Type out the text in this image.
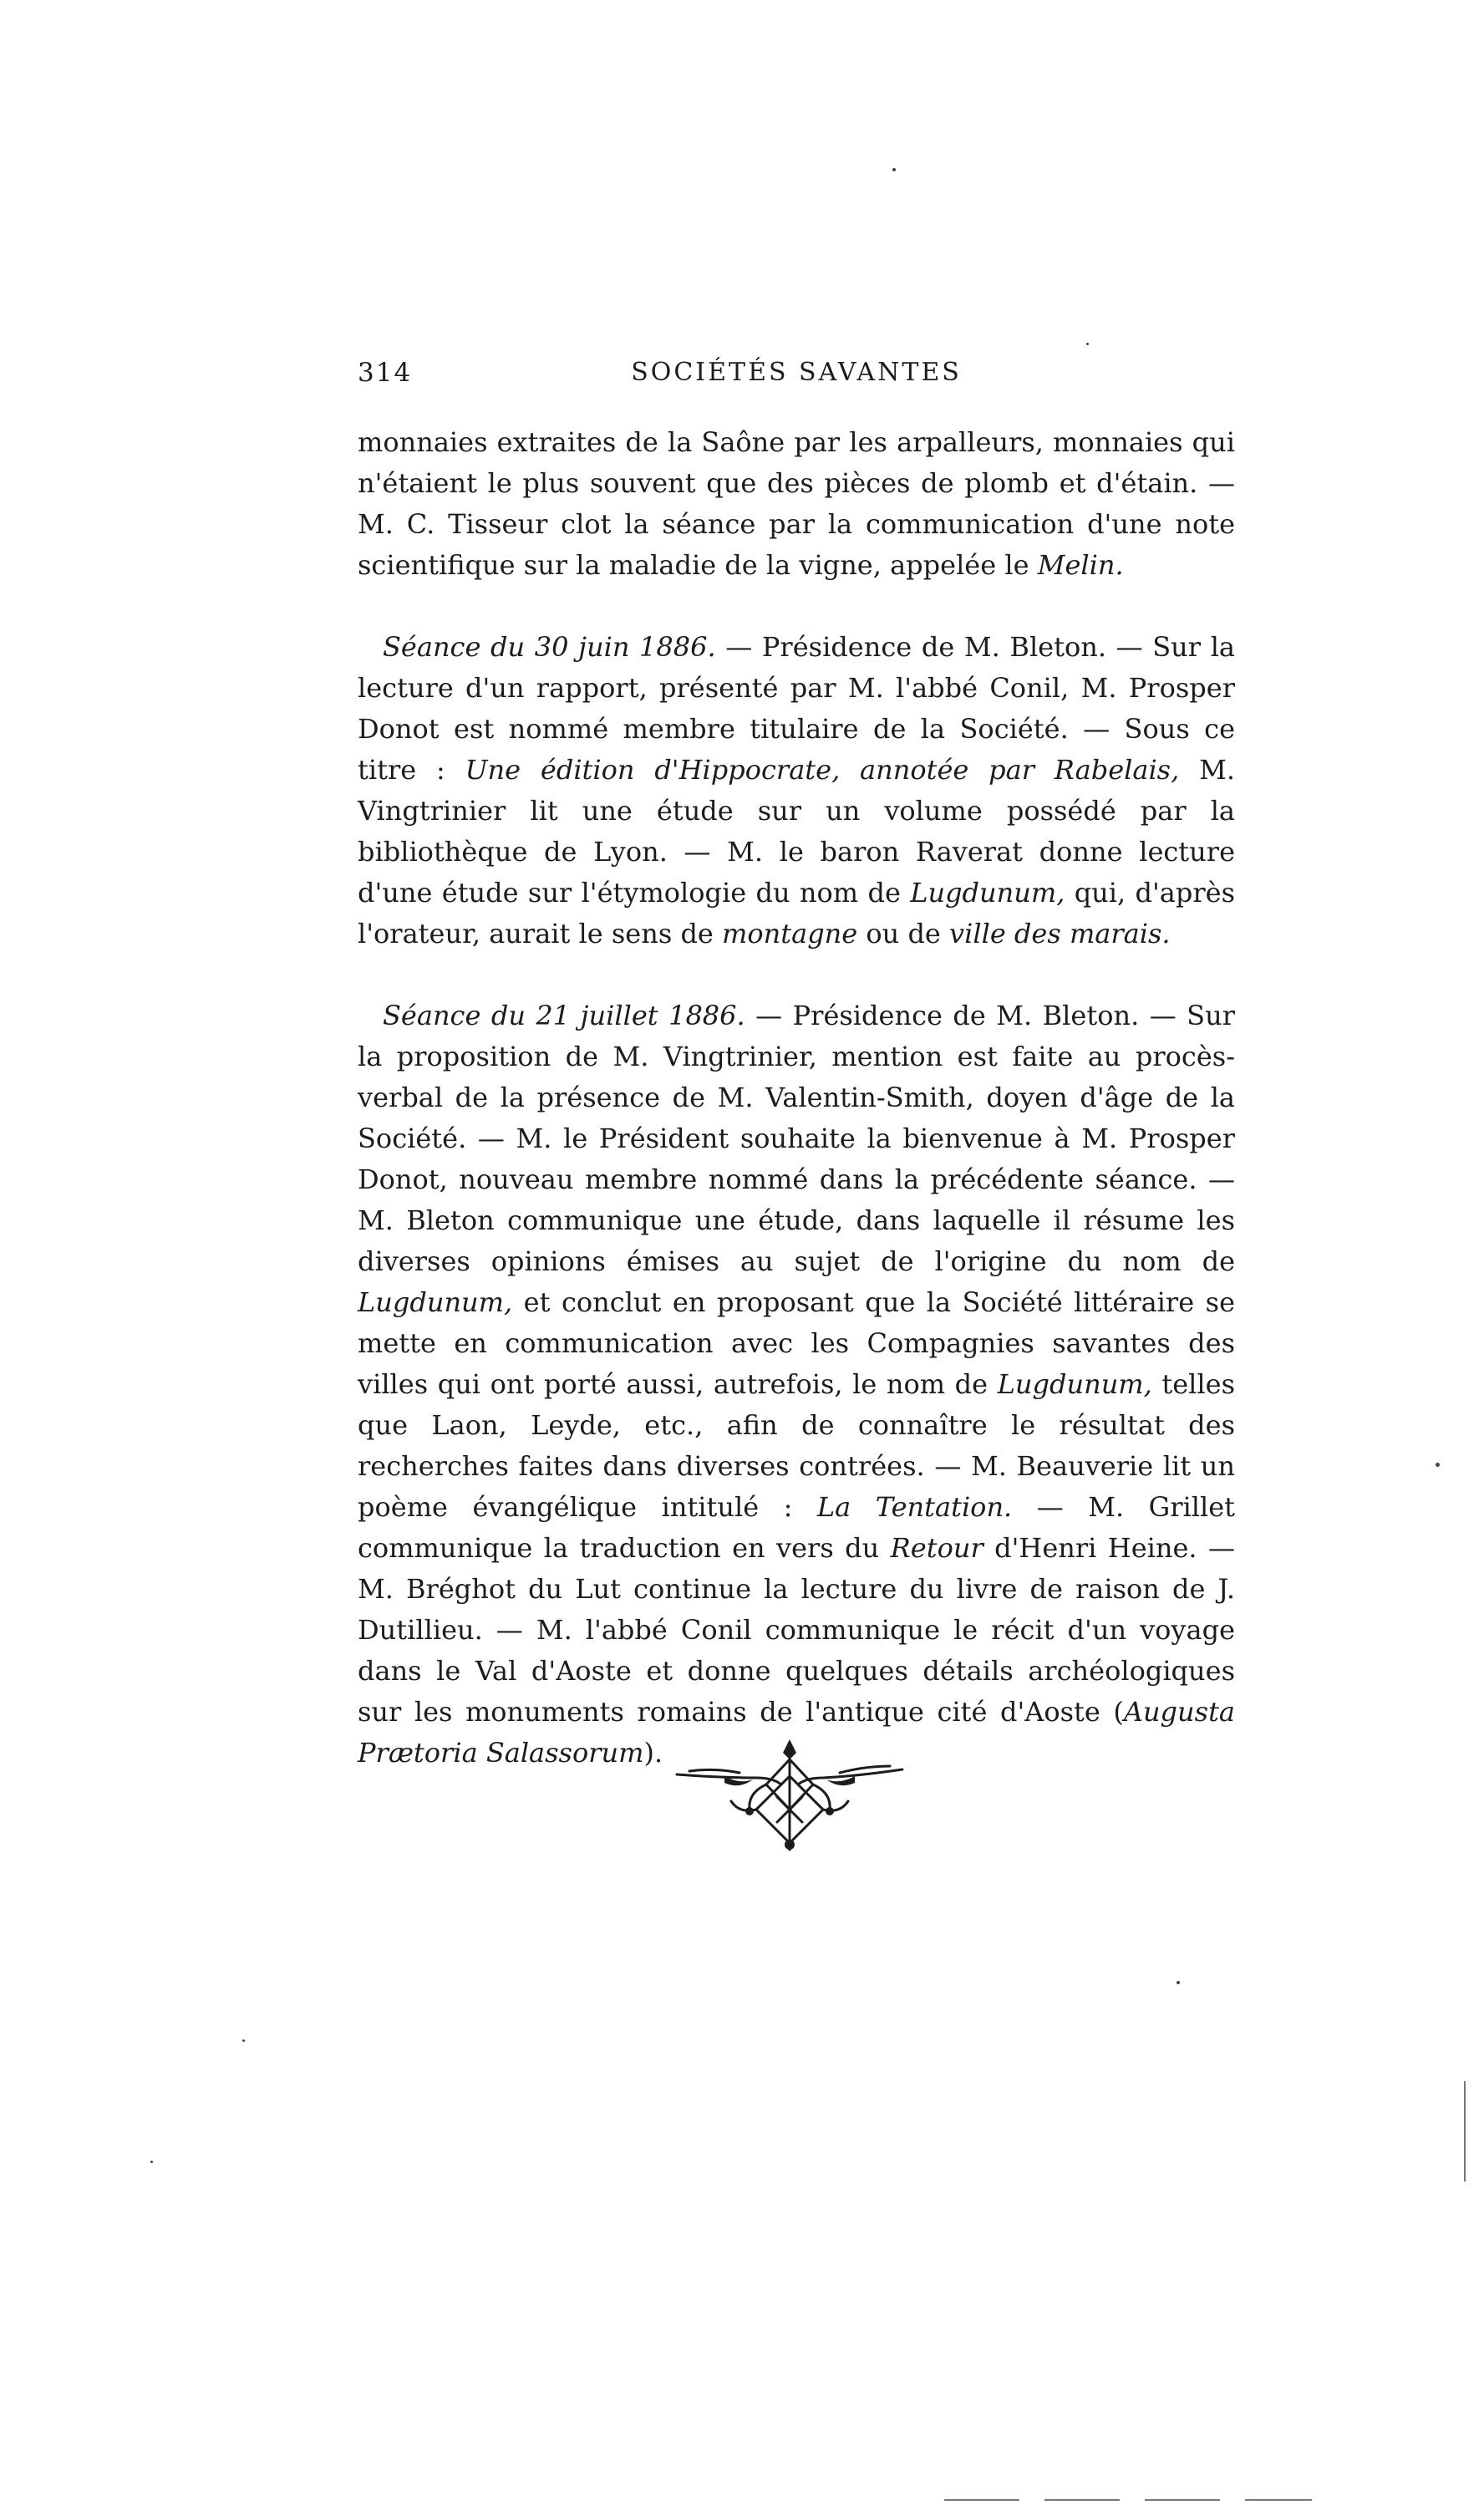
314	SOCIÉTÉS SAVANTES

monnaies extraites de la Saône par les arpalleurs, monnaies qui n'étaient le plus souvent que des pièces de plomb et d'étain. — M. C. Tisseur clot la séance par la communication d'une note scientifique sur la maladie de la vigne, appelée le Melin.

Séance du 30 juin 1886. — Présidence de M. Bleton. — Sur la lecture d'un rapport, présenté par M. l'abbé Conil, M. Prosper Donot est nommé membre titulaire de la Société. — Sous ce titre : Une édition d'Hippocrate, annotée par Rabelais, M. Vingtrinier lit une étude sur un volume possédé par la bibliothèque de Lyon. — M. le baron Raverat donne lecture d'une étude sur l'étymologie du nom de Lugdunum, qui, d'après l'orateur, aurait le sens de montagne ou de ville des marais.

Séance du 21 juillet 1886. — Présidence de M. Bleton. — Sur la proposition de M. Vingtrinier, mention est faite au procès-verbal de la présence de M. Valentin-Smith, doyen d'âge de la Société. — M. le Président souhaite la bienvenue à M. Prosper Donot, nouveau membre nommé dans la précédente séance. — M. Bleton communique une étude, dans laquelle il résume les diverses opinions émises au sujet de l'origine du nom de Lugdunum, et conclut en proposant que la Société littéraire se mette en communication avec les Compagnies savantes des villes qui ont porté aussi, autrefois, le nom de Lugdunum, telles que Laon, Leyde, etc., afin de connaître le résultat des recherches faites dans diverses contrées. — M. Beauverie lit un poème évangélique intitulé : La Tentation. — M. Grillet communique la traduction en vers du Retour d'Henri Heine. — M. Bréghot du Lut continue la lecture du livre de raison de J. Dutillieu. — M. l'abbé Conil communique le récit d'un voyage dans le Val d'Aoste et donne quelques détails archéologiques sur les monuments romains de l'antique cité d'Aoste (Augusta Prætoria Salassorum).
